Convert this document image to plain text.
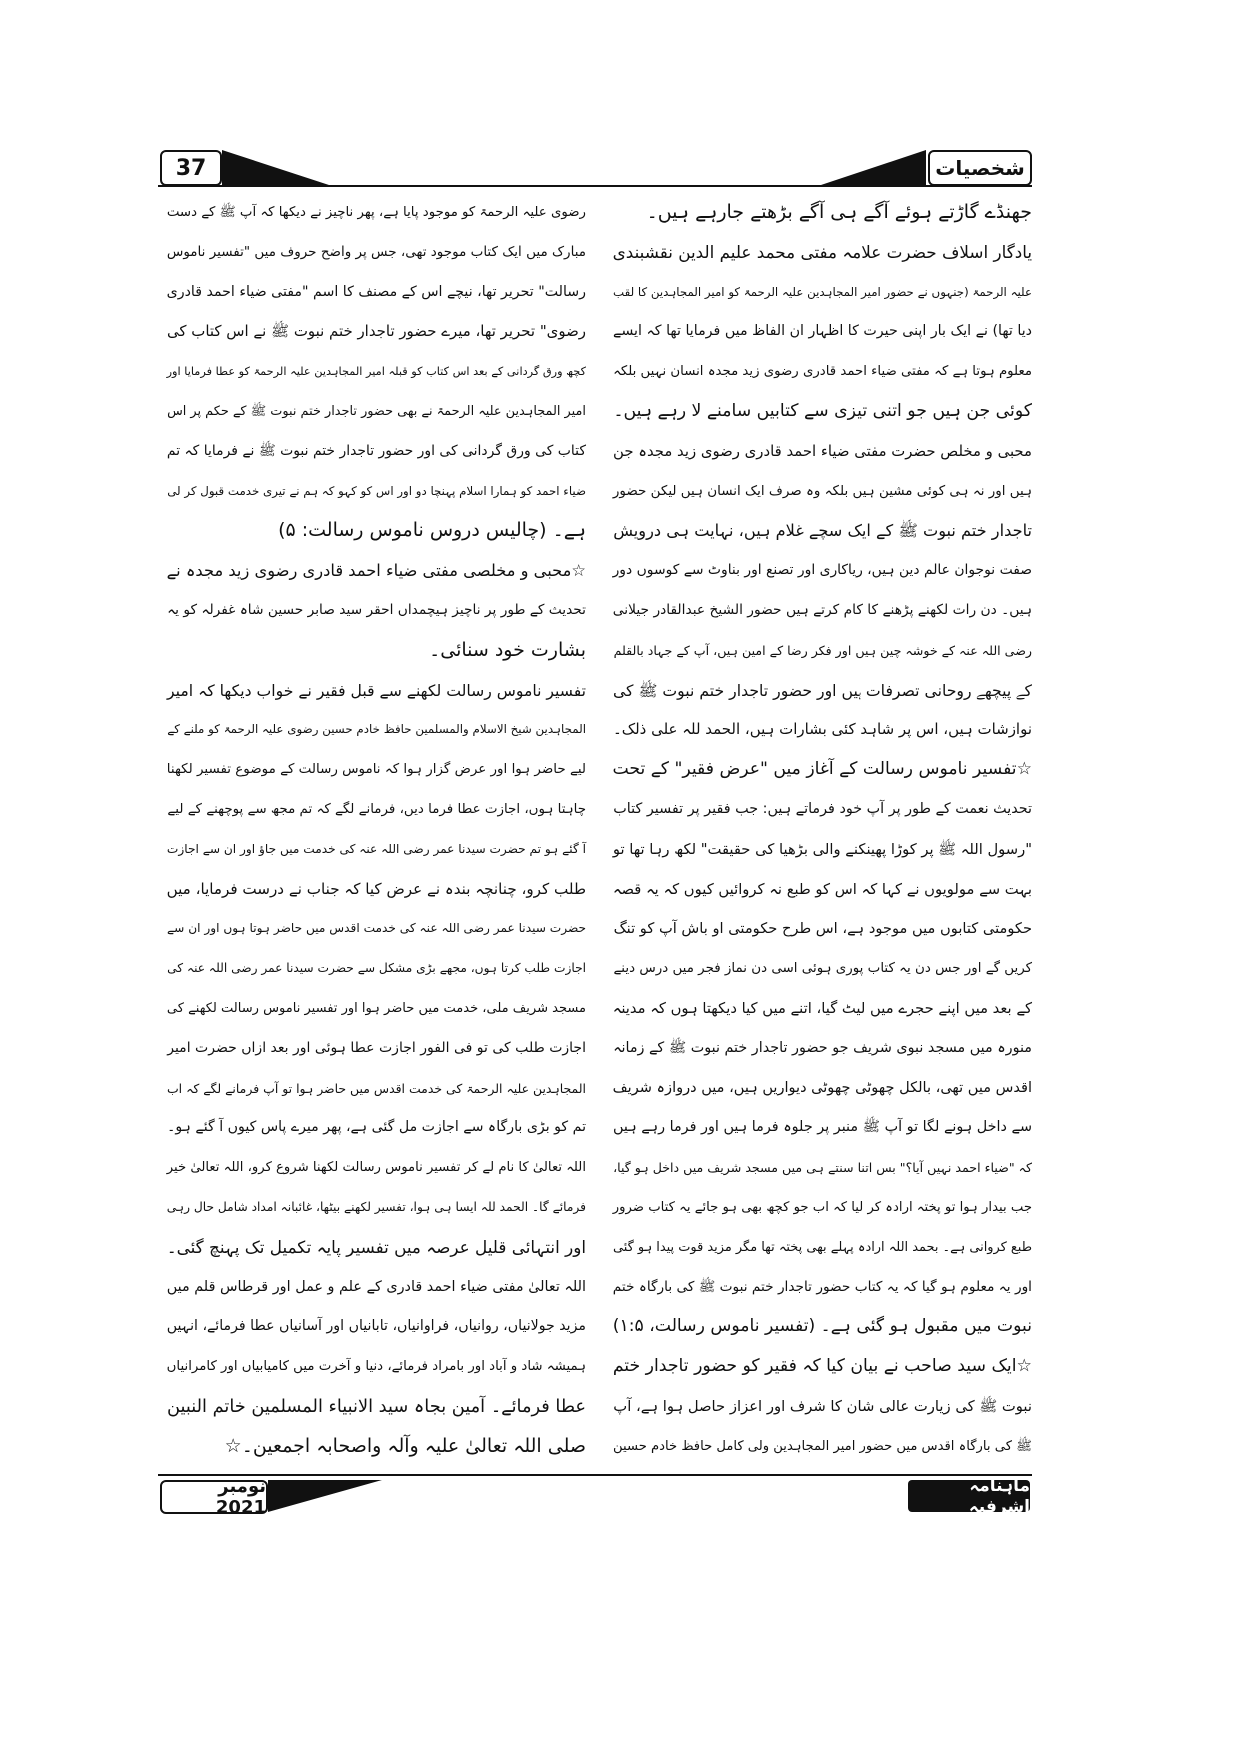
37	شخصیات
جھنڈے گاڑتے ہوئے آگے ہی آگے بڑھتے جارہے ہیں۔
یادگار اسلاف حضرت علامہ مفتی محمد علیم الدین نقشبندی
علیہ الرحمۃ (جنہوں نے حضور امیر المجاہدین علیہ الرحمۃ کو امیر المجاہدین کا لقب
دیا تھا) نے ایک بار اپنی حیرت کا اظہار ان الفاظ میں فرمایا تھا کہ ایسے
معلوم ہوتا ہے کہ مفتی ضیاء احمد قادری رضوی زید مجدہ انسان نہیں بلکہ
کوئی جن ہیں جو اتنی تیزی سے کتابیں سامنے لا رہے ہیں۔
محبی و مخلص حضرت مفتی ضیاء احمد قادری رضوی زید مجدہ جن
ہیں اور نہ ہی کوئی مشین ہیں بلکہ وہ صرف ایک انسان ہیں لیکن حضور
تاجدار ختم نبوت ﷺ کے ایک سچے غلام ہیں، نہایت ہی درویش
صفت نوجوان عالم دین ہیں، ریاکاری اور تصنع اور بناوٹ سے کوسوں دور
ہیں۔ دن رات لکھنے پڑھنے کا کام کرتے ہیں حضور الشیخ عبدالقادر جیلانی
رضی اللہ عنہ کے خوشہ چین ہیں اور فکر رضا کے امین ہیں، آپ کے جہاد بالقلم
کے پیچھے روحانی تصرفات ہیں اور حضور تاجدار ختم نبوت ﷺ کی
نوازشات ہیں، اس پر شاہد کئی بشارات ہیں، الحمد للہ علی ذلک۔
☆تفسیر ناموس رسالت کے آغاز میں "عرض فقیر" کے تحت
تحدیث نعمت کے طور پر آپ خود فرماتے ہیں: جب فقیر پر تفسیر کتاب
"رسول اللہ ﷺ پر کوڑا پھینکنے والی بڑھیا کی حقیقت" لکھ رہا تھا تو
بہت سے مولویوں نے کہا کہ اس کو طبع نہ کروائیں کیوں کہ یہ قصہ
حکومتی کتابوں میں موجود ہے، اس طرح حکومتی او باش آپ کو تنگ
کریں گے اور جس دن یہ کتاب پوری ہوئی اسی دن نماز فجر میں درس دینے
کے بعد میں اپنے حجرے میں لیٹ گیا، اتنے میں کیا دیکھتا ہوں کہ مدینہ
منورہ میں مسجد نبوی شریف جو حضور تاجدار ختم نبوت ﷺ کے زمانہ
اقدس میں تھی، بالکل چھوٹی چھوٹی دیواریں ہیں، میں دروازہ شریف
سے داخل ہونے لگا تو آپ ﷺ منبر پر جلوہ فرما ہیں اور فرما رہے ہیں
کہ "ضیاء احمد نہیں آیا؟" بس اتنا سنتے ہی میں مسجد شریف میں داخل ہو گیا،
جب بیدار ہوا تو پختہ ارادہ کر لیا کہ اب جو کچھ بھی ہو جائے یہ کتاب ضرور
طبع کروانی ہے۔ بحمد اللہ ارادہ پہلے بھی پختہ تھا مگر مزید قوت پیدا ہو گئی
اور یہ معلوم ہو گیا کہ یہ کتاب حضور تاجدار ختم نبوت ﷺ کی بارگاہ ختم
نبوت میں مقبول ہو گئی ہے۔ (تفسیر ناموس رسالت، ۱:۵)
☆ایک سید صاحب نے بیان کیا کہ فقیر کو حضور تاجدار ختم
نبوت ﷺ کی زیارت عالی شان کا شرف اور اعزاز حاصل ہوا ہے، آپ
ﷺ کی بارگاہ اقدس میں حضور امیر المجاہدین ولی کامل حافظ خادم حسین
رضوی علیہ الرحمۃ کو موجود پایا ہے، پھر ناچیز نے دیکھا کہ آپ ﷺ کے دست
مبارک میں ایک کتاب موجود تھی، جس پر واضح حروف میں "تفسیر ناموس
رسالت" تحریر تھا، نیچے اس کے مصنف کا اسم "مفتی ضیاء احمد قادری
رضوی" تحریر تھا، میرے حضور تاجدار ختم نبوت ﷺ نے اس کتاب کی
کچھ ورق گردانی کے بعد اس کتاب کو قبلہ امیر المجاہدین علیہ الرحمۃ کو عطا فرمایا اور
امیر المجاہدین علیہ الرحمۃ نے بھی حضور تاجدار ختم نبوت ﷺ کے حکم پر اس
کتاب کی ورق گردانی کی اور حضور تاجدار ختم نبوت ﷺ نے فرمایا کہ تم
ضیاء احمد کو ہمارا اسلام پہنچا دو اور اس کو کہو کہ ہم نے تیری خدمت قبول کر لی
ہے۔ (چالیس دروس ناموس رسالت: ۵)
☆محبی و مخلصی مفتی ضیاء احمد قادری رضوی زید مجدہ نے
تحدیث کے طور پر ناچیز ہیچمداں احقر سید صابر حسین شاہ غفرلہ کو یہ
بشارت خود سنائی۔
تفسیر ناموس رسالت لکھنے سے قبل فقیر نے خواب دیکھا کہ امیر
المجاہدین شیخ الاسلام والمسلمین حافظ خادم حسین رضوی علیہ الرحمۃ کو ملنے کے
لیے حاضر ہوا اور عرض گزار ہوا کہ ناموس رسالت کے موضوع تفسیر لکھنا
چاہتا ہوں، اجازت عطا فرما دیں، فرمانے لگے کہ تم مجھ سے پوچھنے کے لیے
آ گئے ہو تم حضرت سیدنا عمر رضی اللہ عنہ کی خدمت میں جاؤ اور ان سے اجازت
طلب کرو، چنانچہ بندہ نے عرض کیا کہ جناب نے درست فرمایا، میں
حضرت سیدنا عمر رضی اللہ عنہ کی خدمت اقدس میں حاضر ہوتا ہوں اور ان سے
اجازت طلب کرتا ہوں، مجھے بڑی مشکل سے حضرت سیدنا عمر رضی اللہ عنہ کی
مسجد شریف ملی، خدمت میں حاضر ہوا اور تفسیر ناموس رسالت لکھنے کی
اجازت طلب کی تو فی الفور اجازت عطا ہوئی اور بعد ازاں حضرت امیر
المجاہدین علیہ الرحمۃ کی خدمت اقدس میں حاضر ہوا تو آپ فرمانے لگے کہ اب
تم کو بڑی بارگاہ سے اجازت مل گئی ہے، پھر میرے پاس کیوں آ گئے ہو۔
اللہ تعالیٰ کا نام لے کر تفسیر ناموس رسالت لکھنا شروع کرو، اللہ تعالیٰ خیر
فرمائے گا۔ الحمد للہ ایسا ہی ہوا، تفسیر لکھنے بیٹھا، غائبانہ امداد شامل حال رہی
اور انتہائی قلیل عرصہ میں تفسیر پایہ تکمیل تک پہنچ گئی۔
اللہ تعالیٰ مفتی ضیاء احمد قادری کے علم و عمل اور قرطاس قلم میں
مزید جولانیاں، روانیاں، فراوانیاں، تابانیاں اور آسانیاں عطا فرمائے، انہیں
ہمیشہ شاد و آباد اور بامراد فرمائے، دنیا و آخرت میں کامیابیاں اور کامرانیاں
عطا فرمائے۔ آمین بجاہ سید الانبیاء المسلمین خاتم النبین
صلی اللہ تعالیٰ علیہ وآلہ واصحابہ اجمعین۔☆
نومبر 2021
ماہنامہ اشرفیہ
